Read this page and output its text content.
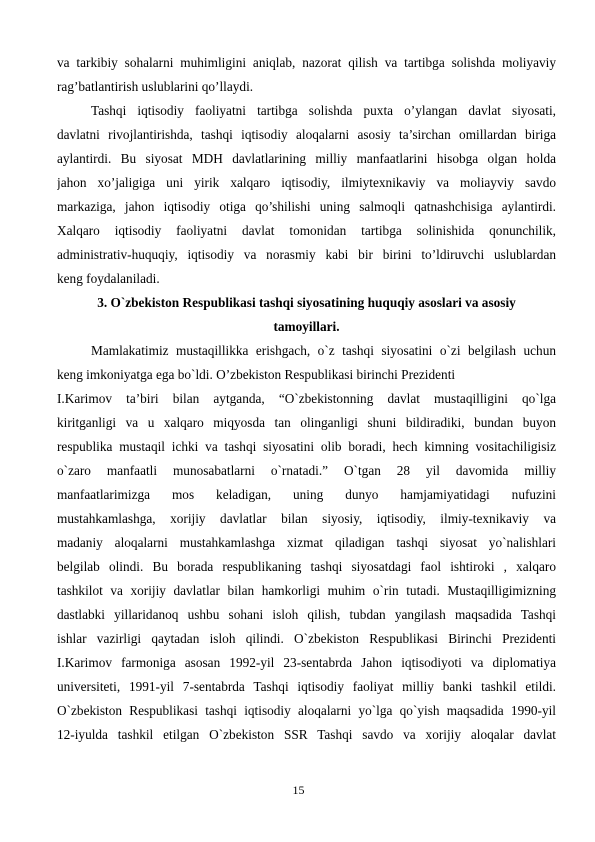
va tarkibiy sohalarni muhimligini aniqlab, nazorat qilish va tartibga solishda moliyaviy
rag’batlantirish uslublarini qo’llaydi.
Tashqi iqtisodiy faoliyatni tartibga solishda puxta o’ylangan davlat siyosati,
davlatni rivojlantirishda, tashqi iqtisodiy aloqalarni asosiy ta’sirchan omillardan biriga
aylantirdi. Bu siyosat MDH davlatlarining milliy manfaatlarini hisobga olgan holda
jahon xo’jaligiga uni yirik xalqaro iqtisodiy, ilmiytexnikaviy va moliayviy savdo
markaziga, jahon iqtisodiy otiga qo’shilishi uning salmoqli qatnashchisiga aylantirdi.
Xalqaro iqtisodiy faoliyatni davlat tomonidan tartibga solinishida qonunchilik,
administrativ-huquqiy, iqtisodiy va norasmiy kabi bir birini to’ldiruvchi uslublardan
keng foydalaniladi.
3. O`zbekiston Respublikasi tashqi siyosatining huquqiy asoslari va asosiy
tamoyillari.
Mamlakatimiz mustaqillikka erishgach, o`z tashqi siyosatini o`zi belgilash uchun
keng imkoniyatga ega bo`ldi. O’zbekiston Respublikasi birinchi Prezidenti
I.Karimov ta’biri bilan aytganda, “O`zbekistonning davlat mustaqilligini qo`lga
kiritganligi va u xalqaro miqyosda tan olinganligi shuni bildiradiki, bundan buyon
respublika mustaqil ichki va tashqi siyosatini olib boradi, hech kimning vositachiligisiz
o`zaro manfaatli munosabatlarni o`rnatadi.” O`tgan 28 yil davomida milliy
manfaatlarimizga mos keladigan, uning dunyo hamjamiyatidagi nufuzini
mustahkamlashga, xorijiy davlatlar bilan siyosiy, iqtisodiy, ilmiy-texnikaviy va
madaniy aloqalarni mustahkamlashga xizmat qiladigan tashqi siyosat yo`nalishlari
belgilab olindi. Bu borada respublikaning tashqi siyosatdagi faol ishtiroki , xalqaro
tashkilot va xorijiy davlatlar bilan hamkorligi muhim o`rin tutadi. Mustaqilligimizning
dastlabki yillaridanoq ushbu sohani isloh qilish, tubdan yangilash maqsadida Tashqi
ishlar vazirligi qaytadan isloh qilindi. O`zbekiston Respublikasi Birinchi Prezidenti
I.Karimov farmoniga asosan 1992-yil 23-sentabrda Jahon iqtisodiyoti va diplomatiya
universiteti, 1991-yil 7-sentabrda Tashqi iqtisodiy faoliyat milliy banki tashkil etildi.
O`zbekiston Respublikasi tashqi iqtisodiy aloqalarni yo`lga qo`yish maqsadida 1990-yil
12-iyulda tashkil etilgan O`zbekiston SSR Tashqi savdo va xorijiy aloqalar davlat
15
